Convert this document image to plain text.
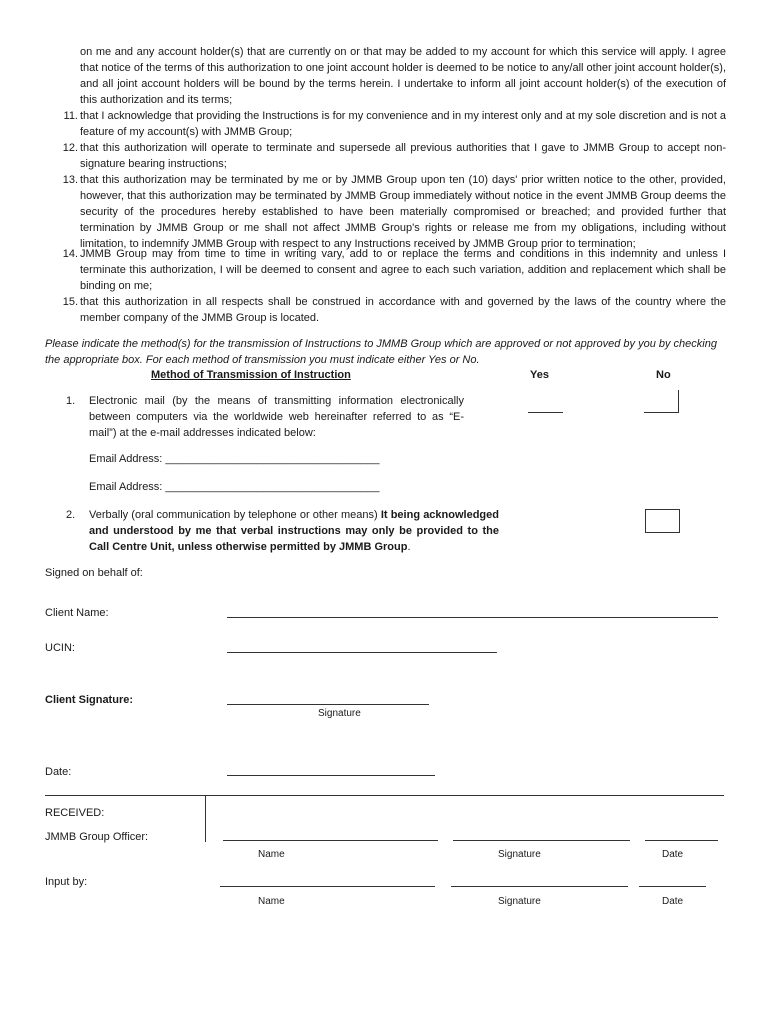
on me and any account holder(s) that are currently on or that may be added to my account for which this service will apply. I agree that notice of the terms of this authorization to one joint account holder is deemed to be notice to any/all other joint account holder(s), and all joint account holders will be bound by the terms herein. I undertake to inform all joint account holder(s) of the execution of this authorization and its terms;
11. that I acknowledge that providing the Instructions is for my convenience and in my interest only and at my sole discretion and is not a feature of my account(s) with JMMB Group;
12. that this authorization will operate to terminate and supersede all previous authorities that I gave to JMMB Group to accept non-signature bearing instructions;
13. that this authorization may be terminated by me or by JMMB Group upon ten (10) days' prior written notice to the other, provided, however, that this authorization may be terminated by JMMB Group immediately without notice in the event JMMB Group deems the security of the procedures hereby established to have been materially compromised or breached; and provided further that termination by JMMB Group or me shall not affect JMMB Group's rights or release me from my obligations, including without limitation, to indemnify JMMB Group with respect to any Instructions received by JMMB Group prior to termination;
14. JMMB Group may from time to time in writing vary, add to or replace the terms and conditions in this indemnity and unless I terminate this authorization, I will be deemed to consent and agree to each such variation, addition and replacement which shall be binding on me;
15. that this authorization in all respects shall be construed in accordance with and governed by the laws of the country where the member company of the JMMB Group is located.
Please indicate the method(s) for the transmission of Instructions to JMMB Group which are approved or not approved by you by checking the appropriate box. For each method of transmission you must indicate either Yes or No.
Method of Transmission of Instruction	Yes	No
1. Electronic mail (by the means of transmitting information electronically between computers via the worldwide web hereinafter referred to as “E-mail”) at the e-mail addresses indicated below:
Email Address: ___________________________________
Email Address: ___________________________________
2. Verbally (oral communication by telephone or other means) It being acknowledged and understood by me that verbal instructions may only be provided to the Call Centre Unit, unless otherwise permitted by JMMB Group.
Signed on behalf of:
Client Name:
UCIN:
Client Signature:
Signature
Date:
RECEIVED:
JMMB Group Officer:
Name	Signature	Date
Input by:
Name	Signature	Date
